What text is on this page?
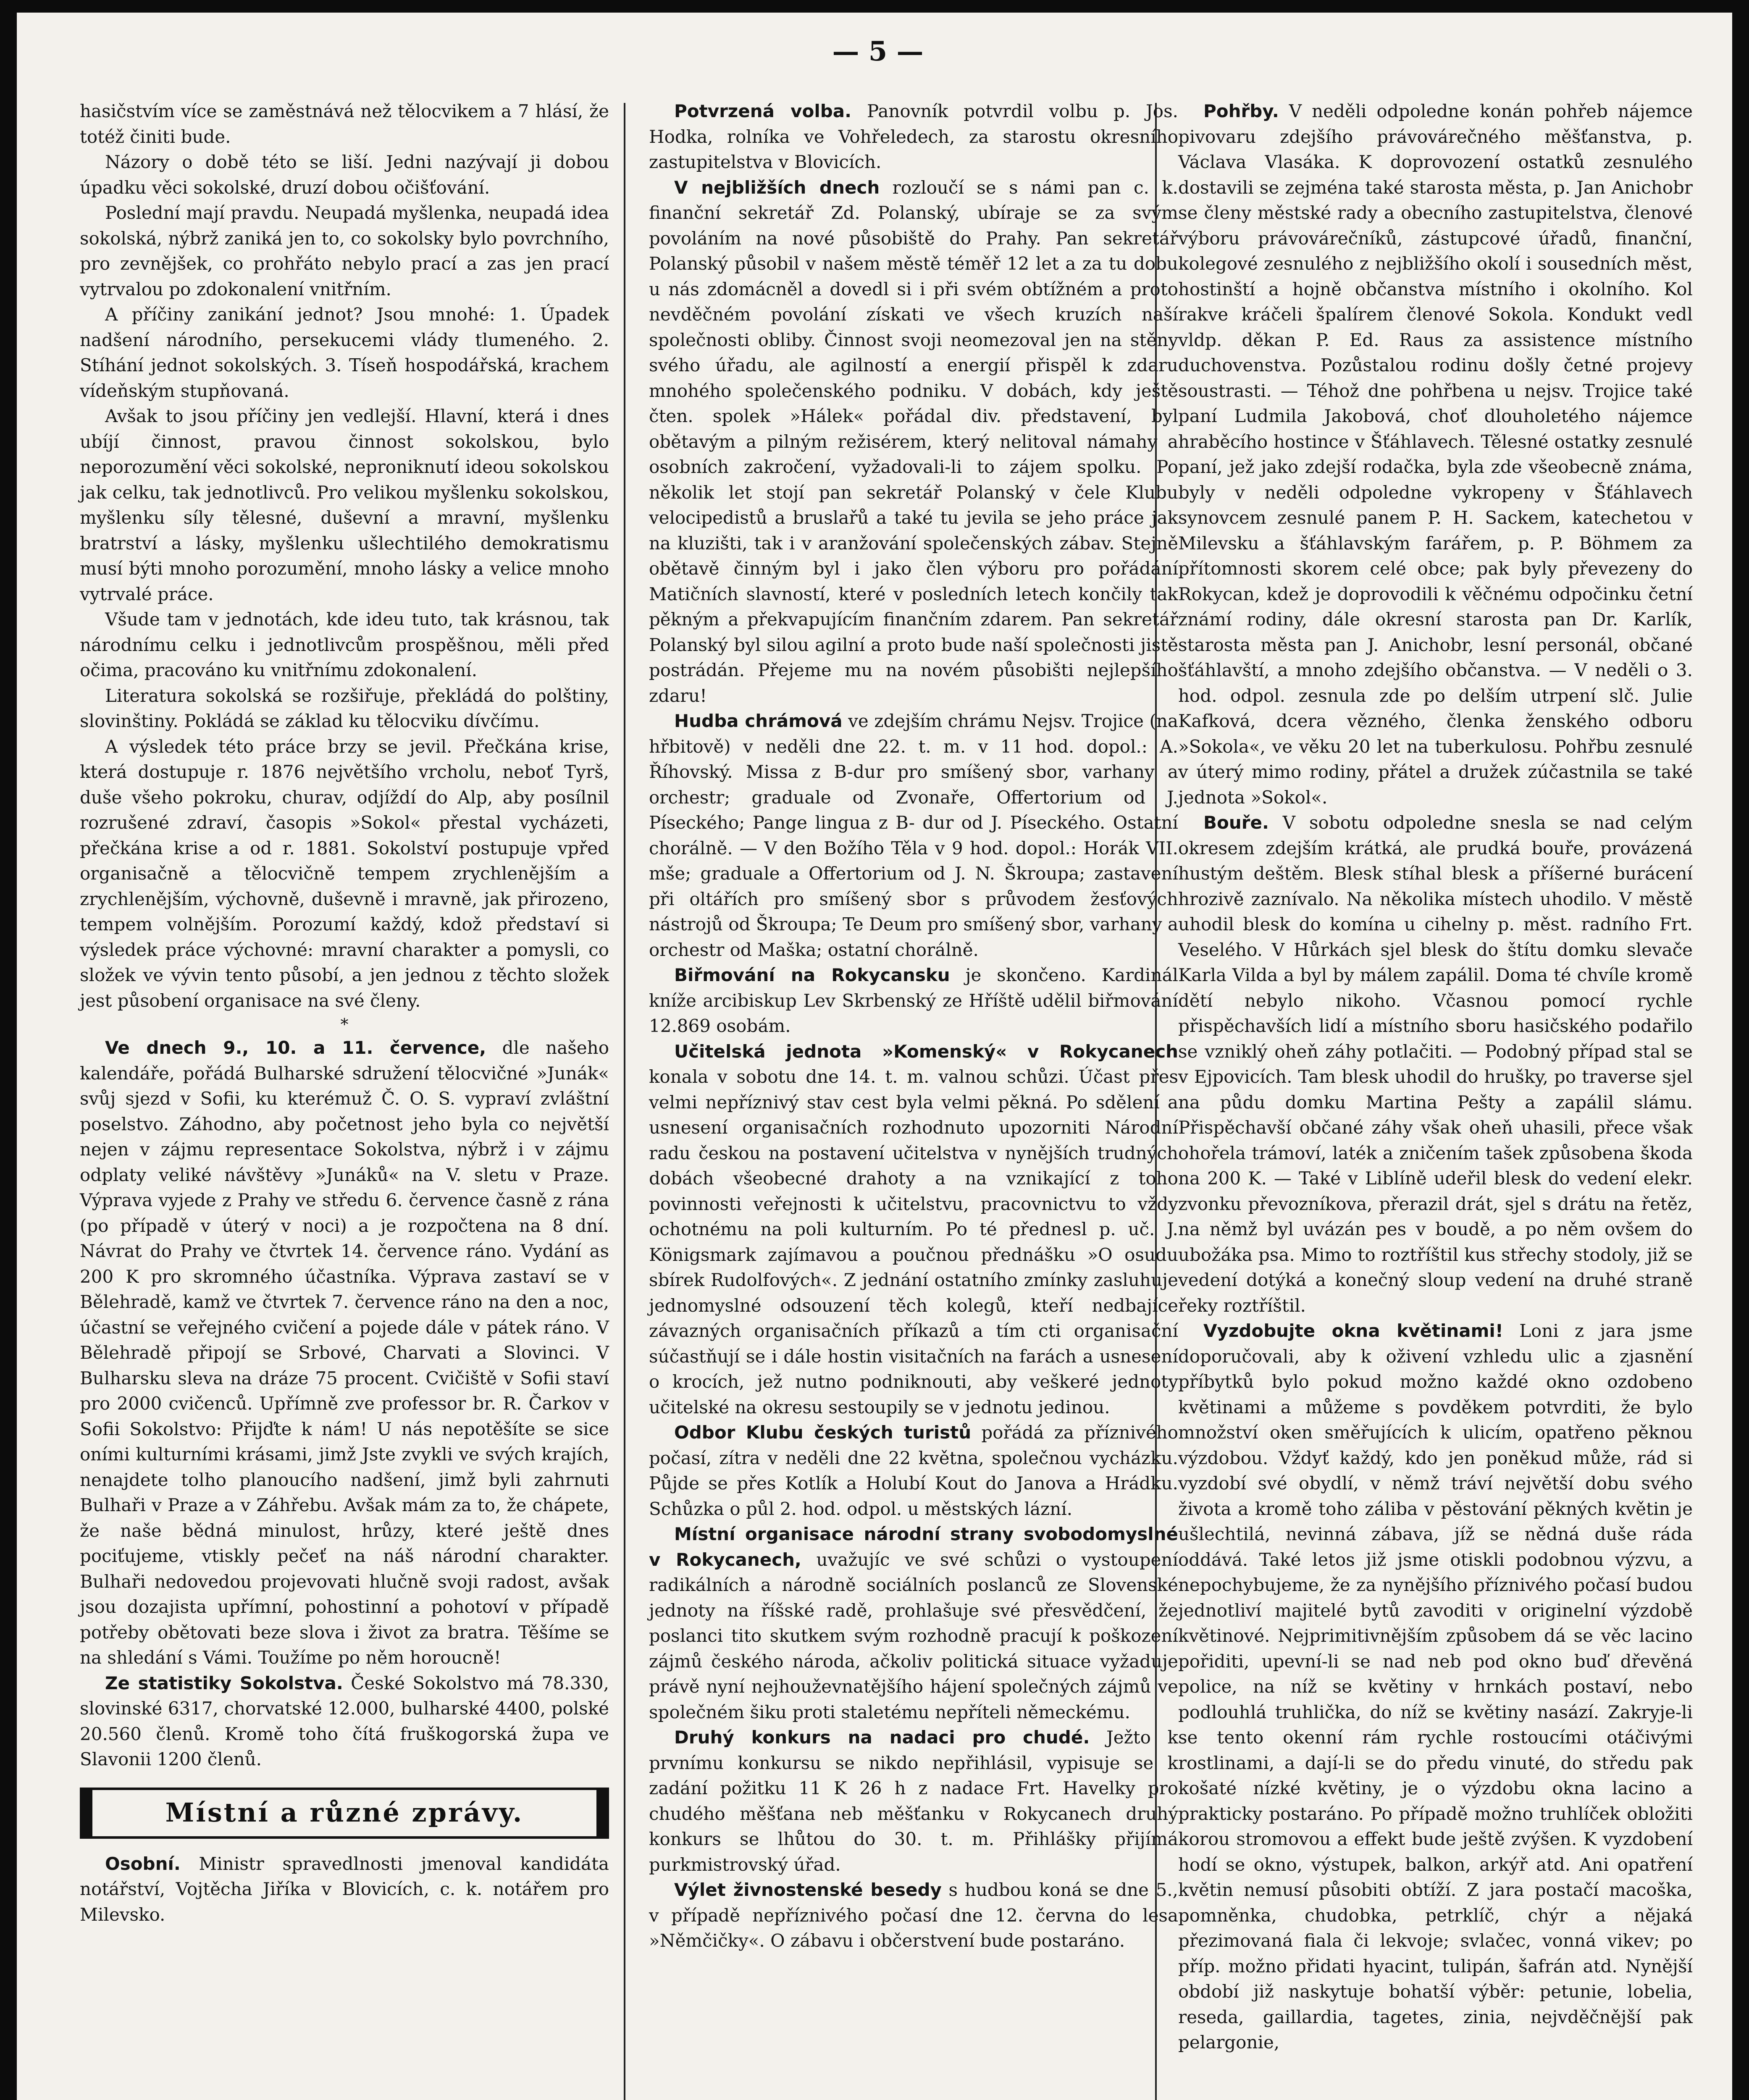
— 5 —

hasičstvím více se zaměstnává než tělocvikem a 7 hlásí, že totéž činiti bude.

Názory o době této se liší. Jedni nazývají ji dobou úpadku věci sokolské, druzí dobou očišťování.

Poslední mají pravdu. Neupadá myšlenka, neupadá idea sokolská, nýbrž zaniká jen to, co sokolsky bylo povrchního, pro zevnějšek, co prohřáto nebylo prací a zas jen prací vytrvalou po zdokonalení vnitřním.

A příčiny zanikání jednot? Jsou mnohé: 1. Úpadek nadšení národního, persekucemi vlády tlumeného. 2. Stíhání jednot sokolských. 3. Tíseň hospodářská, krachem vídeňským stupňovaná.

Avšak to jsou příčiny jen vedlejší. Hlavní, která i dnes ubíjí činnost, pravou činnost sokolskou, bylo neporozumění věci sokolské, neproniknutí ideou sokolskou jak celku, tak jednotlivců. Pro velikou myšlenku sokolskou, myšlenku síly tělesné, duševní a mravní, myšlenku bratrství a lásky, myšlenku ušlechtilého demokratismu musí býti mnoho porozumění, mnoho lásky a velice mnoho vytrvalé práce.

Všude tam v jednotách, kde ideu tuto, tak krásnou, tak národnímu celku i jednotlivcům prospěšnou, měli před očima, pracováno ku vnitřnímu zdokonalení.

Literatura sokolská se rozšiřuje, překládá do polštiny, slovinštiny. Pokládá se základ ku tělocviku dívčímu.

A výsledek této práce brzy se jevil. Přečkána krise, která dostupuje r. 1876 největšího vrcholu, neboť Tyrš, duše všeho pokroku, churav, odjíždí do Alp, aby posílnil rozrušené zdraví, časopis »Sokol« přestal vycházeti, přečkána krise a od r. 1881. Sokolství postupuje vpřed organisačně a tělocvičně tempem zrychlenějším a zrychlenějším, výchovně, duševně i mravně, jak přirozeno, tempem volnějším. Porozumí každý, kdož představí si výsledek práce výchovné: mravní charakter a pomysli, co složek ve vývin tento působí, a jen jednou z těchto složek jest působení organisace na své členy.

*

Ve dnech 9., 10. a 11. července, dle našeho kalendáře, pořádá Bulharské sdružení tělocvičné »Junák« svůj sjezd v Sofii, ku kterémuž Č. O. S. vypraví zvláštní poselstvo. Záhodno, aby početnost jeho byla co největší nejen v zájmu representace Sokolstva, nýbrž i v zájmu odplaty veliké návštěvy »Junáků« na V. sletu v Praze. Výprava vyjede z Prahy ve středu 6. července časně z rána (po případě v úterý v noci) a je rozpočtena na 8 dní. Návrat do Prahy ve čtvrtek 14. července ráno. Vydání as 200 K pro skromného účastníka. Výprava zastaví se v Bělehradě, kamž ve čtvrtek 7. července ráno na den a noc, účastní se veřejného cvičení a pojede dále v pátek ráno. V Bělehradě připojí se Srbové, Charvati a Slovinci. V Bulharsku sleva na dráze 75 procent. Cvičiště v Sofii staví pro 2000 cvičenců. Upřímně zve professor br. R. Čarkov v Sofii Sokolstvo: Přijďte k nám! U nás nepotěšíte se sice oními kulturními krásami, jimž Jste zvykli ve svých krajích, nenajdete tolho planoucího nadšení, jimž byli zahrnuti Bulhaři v Praze a v Záhřebu. Avšak mám za to, že chápete, že naše bědná minulost, hrůzy, které ještě dnes pociťujeme, vtiskly pečeť na náš národní charakter. Bulhaři nedovedou projevovati hlučně svoji radost, avšak jsou dozajista upřímní, pohostinní a pohotoví v případě potřeby obětovati beze slova i život za bratra. Těšíme se na shledání s Vámi. Toužíme po něm horoucně!

Ze statistiky Sokolstva. České Sokolstvo má 78.330, slovinské 6317, chorvatské 12.000, bulharské 4400, polské 20.560 členů. Kromě toho čítá fruškogorská župa ve Slavonii 1200 členů.

Místní a různé zprávy.

Osobní. Ministr spravedlnosti jmenoval kandidáta notářství, Vojtěcha Jiříka v Blovicích, c. k. notářem pro Milevsko.

Potvrzená volba. Panovník potvrdil volbu p. Jos. Hodka, rolníka ve Vohřeledech, za starostu okresního zastupitelstva v Blovicích.

V nejbližších dnech rozloučí se s námi pan c. k. finanční sekretář Zd. Polanský, ubíraje se za svým povoláním na nové působiště do Prahy. Pan sekretář Polanský působil v našem městě téměř 12 let a za tu dobu u nás zdomácněl a dovedl si i při svém obtížném a proto nevděčném povolání získati ve všech kruzích naší společnosti obliby. Činnost svoji neomezoval jen na stěny svého úřadu, ale agilností a energií přispěl k zdaru mnohého společenského podniku. V dobách, kdy ještě čten. spolek »Hálek« pořádal div. představení, byl obětavým a pilným režisérem, který nelitoval námahy a osobních zakročení, vyžadovali-li to zájem spolku. Po několik let stojí pan sekretář Polanský v čele Klubu velocipedistů a bruslařů a také tu jevila se jeho práce jak na kluzišti, tak i v aranžování společenských zábav. Stejně obětavě činným byl i jako člen výboru pro pořádání Matičních slavností, které v posledních letech končily tak pěkným a překvapujícím finančním zdarem. Pan sekretář Polanský byl silou agilní a proto bude naší společnosti jistě postrádán. Přejeme mu na novém působišti nejlepšího zdaru!

Hudba chrámová ve zdejším chrámu Nejsv. Trojice (na hřbitově) v neděli dne 22. t. m. v 11 hod. dopol.: A. Říhovský. Missa z B-dur pro smíšený sbor, varhany a orchestr; graduale od Zvonaře, Offertorium od J. Píseckého; Pange lingua z B- dur od J. Píseckého. Ostatní chorálně. — V den Božího Těla v 9 hod. dopol.: Horák VII. mše; graduale a Offertorium od J. N. Škroupa; zastavení při oltářích pro smíšený sbor s průvodem žesťových nástrojů od Škroupa; Te Deum pro smíšený sbor, varhany a orchestr od Maška; ostatní chorálně.

Biřmování na Rokycansku je skončeno. Kardinál kníže arcibiskup Lev Skrbenský ze Hříště udělil biřmování 12.869 osobám.

Učitelská jednota »Komenský« v Rokycanech konala v sobotu dne 14. t. m. valnou schůzi. Účast přes velmi nepříznivý stav cest byla velmi pěkná. Po sdělení a usnesení organisačních rozhodnuto upozorniti Národní radu českou na postavení učitelstva v nynějších trudných dobách všeobecné drahoty a na vznikající z toho povinnosti veřejnosti k učitelstvu, pracovnictvu to vždy ochotnému na poli kulturním. Po té přednesl p. uč. J. Königsmark zajímavou a poučnou přednášku »O osudu sbírek Rudolfových«. Z jednání ostatního zmínky zasluhuje jednomyslné odsouzení těch kolegů, kteří nedbajíce závazných organisačních příkazů a tím cti organisační súčastňují se i dále hostin visitačních na farách a usnesení o krocích, jež nutno podniknouti, aby veškeré jednoty učitelské na okresu sestoupily se v jednotu jedinou.

Odbor Klubu českých turistů pořádá za příznivého počasí, zítra v neděli dne 22 května, společnou vycházku. Půjde se přes Kotlík a Holubí Kout do Janova a Hrádku. Schůzka o půl 2. hod. odpol. u městských lázní.

Místní organisace národní strany svobodomyslné v Rokycanech, uvažujíc ve své schůzi o vystoupení radikálních a národně sociálních poslanců ze Slovenské jednoty na říšské radě, prohlašuje své přesvědčení, že poslanci tito skutkem svým rozhodně pracují k poškození zájmů českého národa, ačkoliv politická situace vyžaduje právě nyní nejhouževnatějšího hájení společných zájmů ve společném šiku proti staletému nepříteli německému.

Druhý konkurs na nadaci pro chudé. Ježto k prvnímu konkursu se nikdo nepřihlásil, vypisuje se k zadání požitku 11 K 26 h z nadace Frt. Havelky pro chudého měšťana neb měšťanku v Rokycanech druhý konkurs se lhůtou do 30. t. m. Přihlášky přijímá purkmistrovský úřad.

Výlet živnostenské besedy s hudbou koná se dne 5., v případě nepříznivého počasí dne 12. června do lesa »Němčičky«. O zábavu i občerstvení bude postaráno.

Pohřby. V neděli odpoledne konán pohřeb nájemce pivovaru zdejšího právovárečného měšťanstva, p. Václava Vlasáka. K doprovození ostatků zesnulého dostavili se zejména také starosta města, p. Jan Anichobr se členy městské rady a obecního zastupitelstva, členové výboru právovárečníků, zástupcové úřadů, finanční, kolegové zesnulého z nejbližšího okolí i sousedních měst, hostinští a hojně občanstva místního i okolního. Kol rakve kráčeli špalírem členové Sokola. Kondukt vedl vldp. děkan P. Ed. Raus za assistence místního duchovenstva. Pozůstalou rodinu došly četné projevy soustrasti. — Téhož dne pohřbena u nejsv. Trojice také paní Ludmila Jakobová, choť dlouholetého nájemce hraběcího hostince v Šťáhlavech. Tělesné ostatky zesnulé paní, jež jako zdejší rodačka, byla zde všeobecně známa, byly v neděli odpoledne vykropeny v Šťáhlavech synovcem zesnulé panem P. H. Sackem, katechetou v Milevsku a šťáhlavským farářem, p. P. Böhmem za přítomnosti skorem celé obce; pak byly převezeny do Rokycan, kdež je doprovodili k věčnému odpočinku četní známí rodiny, dále okresní starosta pan Dr. Karlík, starosta města pan J. Anichobr, lesní personál, občané šťáhlavští, a mnoho zdejšího občanstva. — V neděli o 3. hod. odpol. zesnula zde po delším utrpení slč. Julie Kafková, dcera vězného, členka ženského odboru »Sokola«, ve věku 20 let na tuberkulosu. Pohřbu zesnulé v úterý mimo rodiny, přátel a družek zúčastnila se také jednota »Sokol«.

Bouře. V sobotu odpoledne snesla se nad celým okresem zdejším krátká, ale prudká bouře, provázená hustým deštěm. Blesk stíhal blesk a příšerné burácení hrozivě zaznívalo. Na několika místech uhodilo. V městě uhodil blesk do komína u cihelny p. měst. radního Frt. Veselého. V Hůrkách sjel blesk do štítu domku slevače Karla Vilda a byl by málem zapálil. Doma té chvíle kromě dětí nebylo nikoho. Včasnou pomocí rychle přispěchavších lidí a místního sboru hasičského podařilo se vzniklý oheň záhy potlačiti. — Podobný případ stal se v Ejpovicích. Tam blesk uhodil do hrušky, po traverse sjel na půdu domku Martina Pešty a zapálil slámu. Přispěchavší občané záhy však oheň uhasili, přece však ohořela trámoví, laték a zničením tašek způsobena škoda na 200 K. — Také v Liblíně udeřil blesk do vedení elekr. zvonku převozníkova, přerazil drát, sjel s drátu na řetěz, na němž byl uvázán pes v boudě, a po něm ovšem do ubožáka psa. Mimo to roztříštil kus střechy stodoly, již se vedení dotýká a konečný sloup vedení na druhé straně řeky roztříštil.

Vyzdobujte okna květinami! Loni z jara jsme doporučovali, aby k oživení vzhledu ulic a zjasnění příbytků bylo pokud možno každé okno ozdobeno květinami a můžeme s povděkem potvrditi, že bylo množství oken směřujících k ulicím, opatřeno pěknou výzdobou. Vždyť každý, kdo jen poněkud může, rád si vyzdobí své obydlí, v němž tráví největší dobu svého života a kromě toho záliba v pěstování pěkných květin je ušlechtilá, nevinná zábava, jíž se nědná duše ráda oddává. Také letos již jsme otiskli podobnou výzvu, a nepochybujeme, že za nynějšího příznivého počasí budou jednotliví majitelé bytů zavoditi v originelní výzdobě květinové. Nejprimitivnějším způsobem dá se věc lacino pořiditi, upevní-li se nad neb pod okno buď dřevěná police, na níž se květiny v hrnkách postaví, nebo podlouhlá truhlička, do níž se květiny nasází. Zakryje-li se tento okenní rám rychle rostoucími otáčivými rostlinami, a dají-li se do předu vinuté, do středu pak košaté nízké květiny, je o výzdobu okna lacino a prakticky postaráno. Po případě možno truhlíček obložiti korou stromovou a effekt bude ještě zvýšen. K vyzdobení hodí se okno, výstupek, balkon, arkýř atd. Ani opatření květin nemusí působiti obtíží. Z jara postačí macoška, pomněnka, chudobka, petrklíč, chýr a nějaká přezimovaná fiala či lekvoje; svlačec, vonná vikev; po příp. možno přidati hyacint, tulipán, šafrán atd. Nynější období již naskytuje bohatší výběr: petunie, lobelia, reseda, gaillardia, tagetes, zinia, nejvděčnější pak pelargonie,
